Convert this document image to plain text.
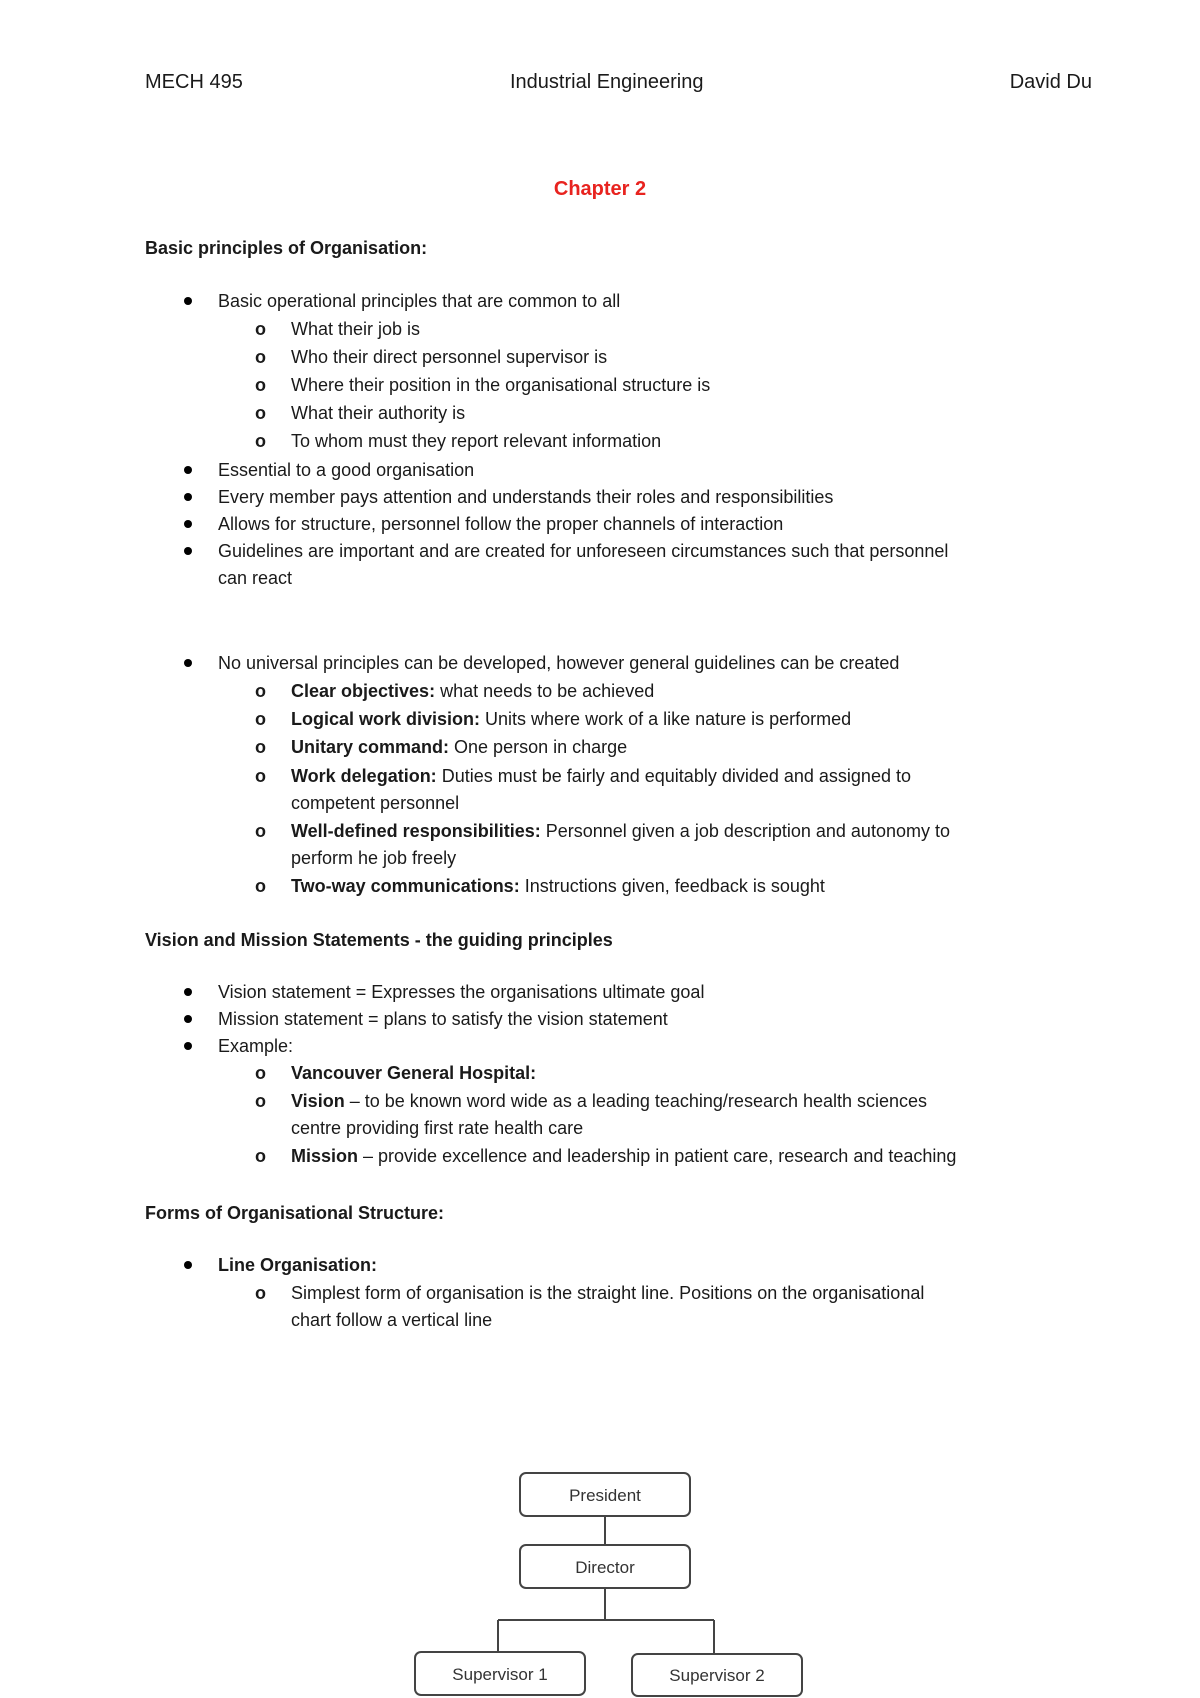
MECH 495	Industrial Engineering	David Du
Chapter 2
Basic principles of Organisation:
Basic operational principles that are common to all
o What their job is
o Who their direct personnel supervisor is
o Where their position in the organisational structure is
o What their authority is
o To whom must they report relevant information
Essential to a good organisation
Every member pays attention and understands their roles and responsibilities
Allows for structure, personnel follow the proper channels of interaction
Guidelines are important and are created for unforeseen circumstances such that personnel
can react
No universal principles can be developed, however general guidelines can be created
o Clear objectives: what needs to be achieved
o Logical work division: Units where work of a like nature is performed
o Unitary command: One person in charge
o Work delegation: Duties must be fairly and equitably divided and assigned to
competent personnel
o Well-defined responsibilities: Personnel given a job description and autonomy to
perform he job freely
o Two-way communications: Instructions given, feedback is sought
Vision and Mission Statements - the guiding principles
Vision statement = Expresses the organisations ultimate goal
Mission statement = plans to satisfy the vision statement
Example:
o Vancouver General Hospital:
o Vision – to be known word wide as a leading teaching/research health sciences
centre providing first rate health care
o Mission – provide excellence and leadership in patient care, research and teaching
Forms of Organisational Structure:
Line Organisation:
o Simplest form of organisation is the straight line. Positions on the organisational
chart follow a vertical line
President
Director
Supervisor 1	Supervisor 2
